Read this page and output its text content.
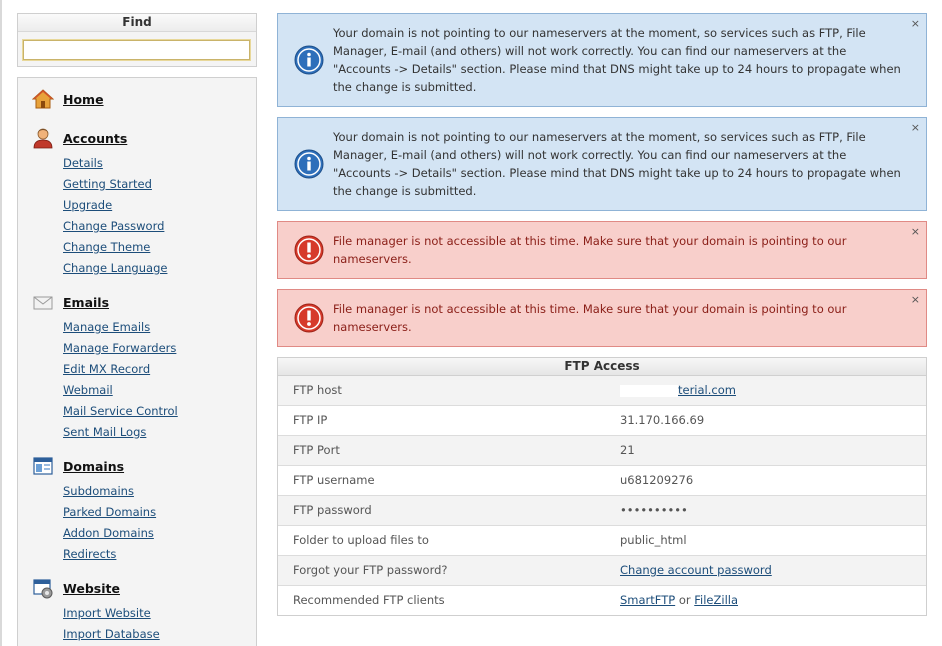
Find
Home
Accounts
Details
Getting Started
Upgrade
Change Password
Change Theme
Change Language
Emails
Manage Emails
Manage Forwarders
Edit MX Record
Webmail
Mail Service Control
Sent Mail Logs
Domains
Subdomains
Parked Domains
Addon Domains
Redirects
Website
Import Website
Import Database
Your domain is not pointing to our nameservers at the moment, so services such as FTP, File Manager, E-mail (and others) will not work correctly. You can find our nameservers at the "Accounts -> Details" section. Please mind that DNS might take up to 24 hours to propagate when the change is submitted.
×
Your domain is not pointing to our nameservers at the moment, so services such as FTP, File Manager, E-mail (and others) will not work correctly. You can find our nameservers at the "Accounts -> Details" section. Please mind that DNS might take up to 24 hours to propagate when the change is submitted.
×
File manager is not accessible at this time. Make sure that your domain is pointing to our nameservers.
×
File manager is not accessible at this time. Make sure that your domain is pointing to our nameservers.
×
FTP Access
FTP host	terial.com
FTP IP	31.170.166.69
FTP Port	21
FTP username	u681209276
FTP password	••••••••••
Folder to upload files to	public_html
Forgot your FTP password?	Change account password
Recommended FTP clients	SmartFTP or FileZilla
